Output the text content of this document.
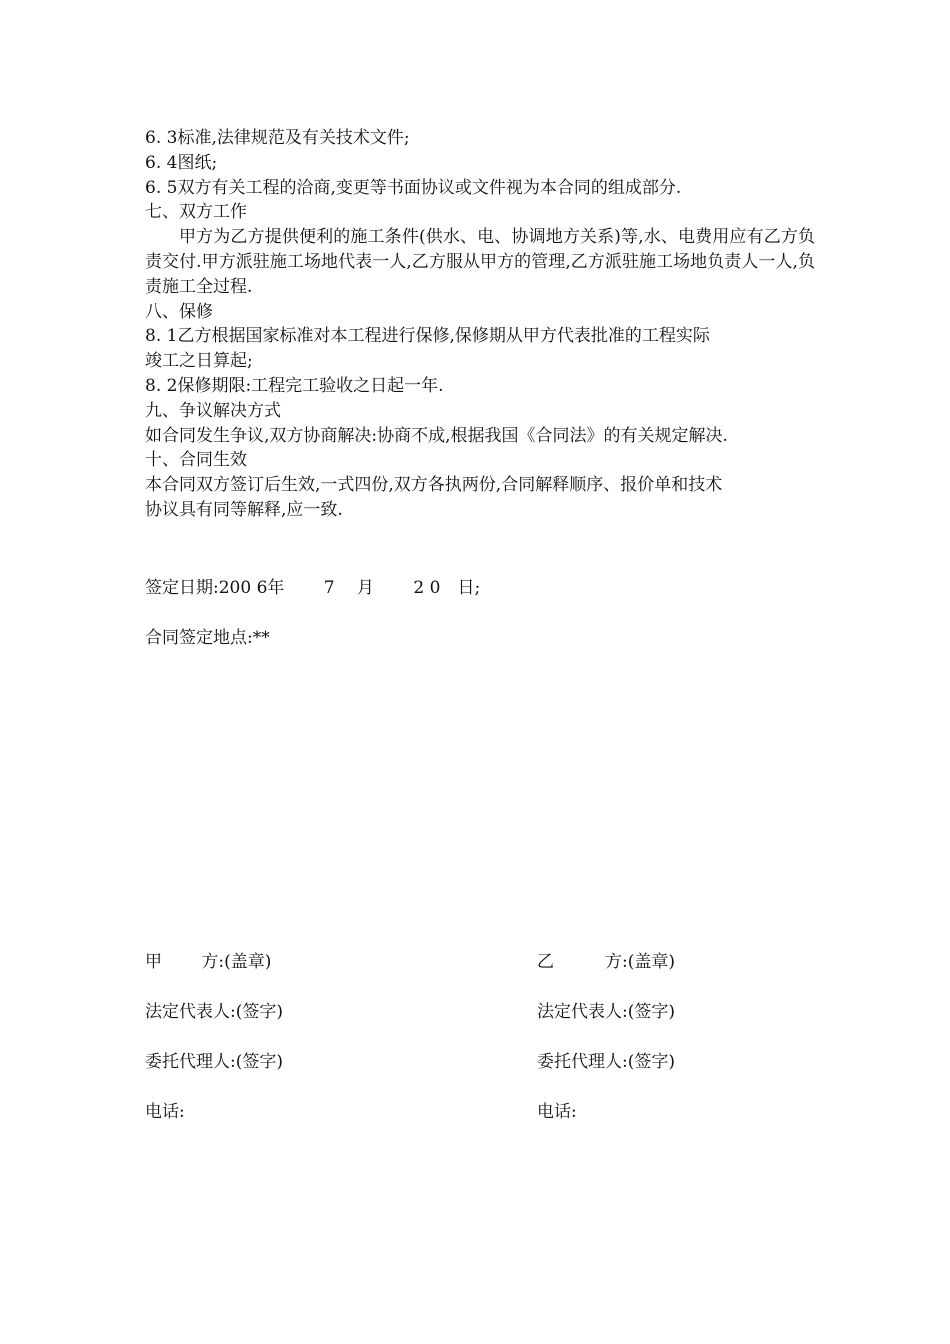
6. 3标准,法律规范及有关技术文件;
6. 4图纸;
6. 5双方有关工程的洽商,变更等书面协议或文件视为本合同的组成部分.
七、双方工作
甲方为乙方提供便利的施工条件(供水、电、协调地方关系)等,水、电费用应有乙方负责交付.甲方派驻施工场地代表一人,乙方服从甲方的管理,乙方派驻施工场地负责人一人,负责施工全过程.
八、保修
8. 1乙方根据国家标准对本工程进行保修,保修期从甲方代表批准的工程实际
竣工之日算起;
8. 2保修期限:工程完工验收之日起一年.
九、争议解决方式
如合同发生争议,双方协商解决:协商不成,根据我国《合同法》的有关规定解决.
十、合同生效
本合同双方签订后生效,一式四份,双方各执两份,合同解释顺序、报价单和技术
协议具有同等解释,应一致.
签定日期:200 6年　　 7　 月　　 2 0　日;
合同签定地点:**
甲　　 方:(盖章)
法定代表人:(签字)
委托代理人:(签字)
电话:
乙　　　方:(盖章)
法定代表人:(签字)
委托代理人:(签字)
电话:
